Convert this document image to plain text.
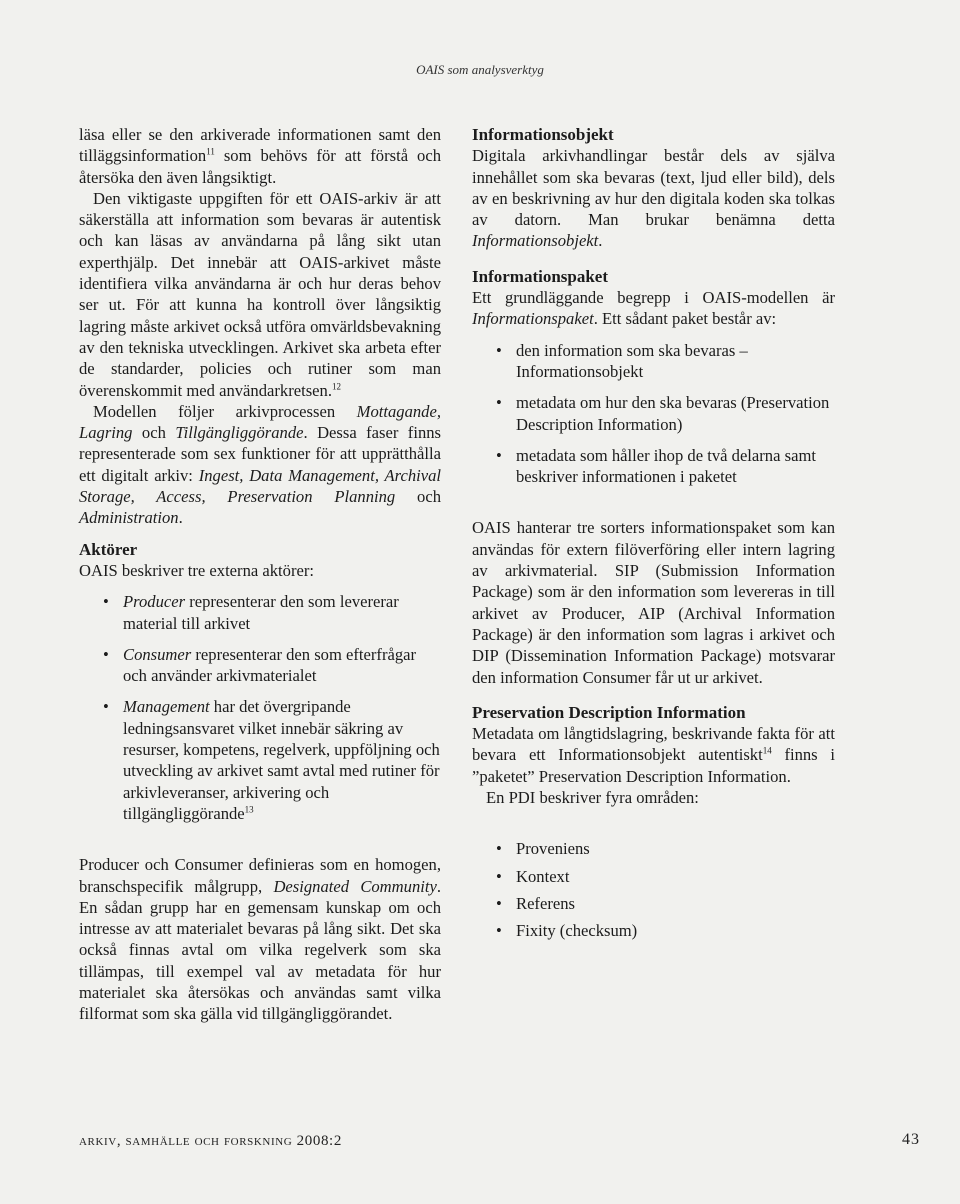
OAIS som analysverktyg

läsa eller se den arkiverade informationen samt den tilläggsinformation$^{11}$ som behövs för att förstå och återsöka den även långsiktigt.

Den viktigaste uppgiften för ett OAIS-arkiv är att säkerställa att information som bevaras är autentisk och kan läsas av användarna på lång sikt utan experthjälp. Det innebär att OAIS-arkivet måste identifiera vilka användarna är och hur deras behov ser ut. För att kunna ha kontroll över långsiktig lagring måste arkivet också utföra omvärldsbevakning av den tekniska utvecklingen. Arkivet ska arbeta efter de standarder, policies och rutiner som man överenskommit med användarkretsen.$^{12}$

Modellen följer arkivprocessen Mottagande, Lagring och Tillgängliggörande. Dessa faser finns representerade som sex funktioner för att upprätthålla ett digitalt arkiv: Ingest, Data Management, Archival Storage, Access, Preservation Planning och Administration.

Aktörer

OAIS beskriver tre externa aktörer:

• Producer representerar den som levererar material till arkivet
• Consumer representerar den som efterfrågar och använder arkivmaterialet
• Management har det övergripande ledningsansvaret vilket innebär säkring av resurser, kompetens, regelverk, uppföljning och utveckling av arkivet samt avtal med rutiner för arkivleveranser, arkivering och tillgängliggörande$^{13}$

Producer och Consumer definieras som en homogen, branschspecifik målgrupp, Designated Community. En sådan grupp har en gemensam kunskap om och intresse av att materialet bevaras på lång sikt. Det ska också finnas avtal om vilka regelverk som ska tillämpas, till exempel val av metadata för hur materialet ska återsökas och användas samt vilka filformat som ska gälla vid tillgängliggörandet.

Informationsobjekt

Digitala arkivhandlingar består dels av själva innehållet som ska bevaras (text, ljud eller bild), dels av en beskrivning av hur den digitala koden ska tolkas av datorn. Man brukar benämna detta Informationsobjekt.

Informationspaket

Ett grundläggande begrepp i OAIS-modellen är Informationspaket. Ett sådant paket består av:

• den information som ska bevaras – Informationsobjekt
• metadata om hur den ska bevaras (Preservation Description Information)
• metadata som håller ihop de två delarna samt beskriver informationen i paketet

OAIS hanterar tre sorters informationspaket som kan användas för extern filöverföring eller intern lagring av arkivmaterial. SIP (Submission Information Package) som är den information som levereras in till arkivet av Producer, AIP (Archival Information Package) är den information som lagras i arkivet och DIP (Dissemination Information Package) motsvarar den information Consumer får ut ur arkivet.

Preservation Description Information

Metadata om långtidslagring, beskrivande fakta för att bevara ett Informationsobjekt autentiskt$^{14}$ finns i ”paketet” Preservation Description Information.

En PDI beskriver fyra områden:

• Proveniens
• Kontext
• Referens
• Fixity (checksum)
arkiv, samhälle och forskning 2008:2	43
